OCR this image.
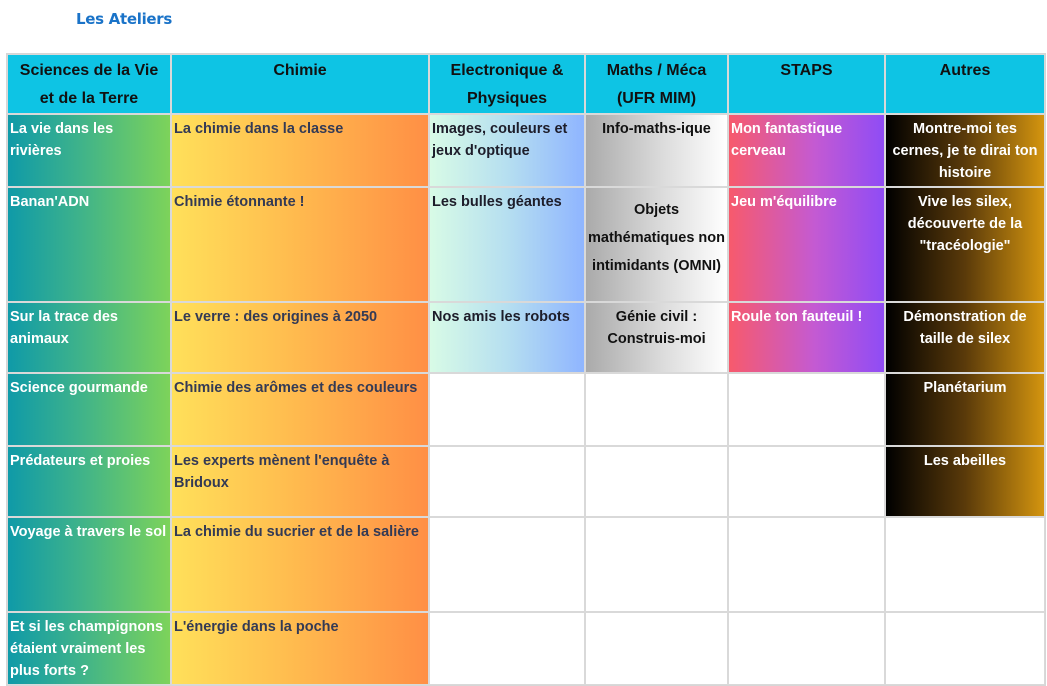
Les Ateliers
Sciences de la Vie et de la Terre	Chimie	Electronique & Physiques	Maths / Méca (UFR MIM)	STAPS	Autres
La vie dans les rivières	La chimie dans la classe	Images, couleurs et jeux d'optique	Info-maths-ique	Mon fantastique cerveau	Montre-moi tes cernes, je te dirai ton histoire
Banan'ADN	Chimie étonnante !	Les bulles géantes	Objets mathématiques non intimidants (OMNI)	Jeu m'équilibre	Vive les silex, découverte de la "tracéologie"
Sur la trace des animaux	Le verre : des origines à 2050	Nos amis les robots	Génie civil : Construis-moi	Roule ton fauteuil !	Démonstration de taille de silex
Science gourmande	Chimie des arômes et des couleurs				Planétarium
Prédateurs et proies	Les experts mènent l'enquête à Bridoux				Les abeilles
Voyage à travers le sol	La chimie du sucrier et de la salière				
Et si les champignons étaient vraiment les plus forts ?	L'énergie dans la poche				
